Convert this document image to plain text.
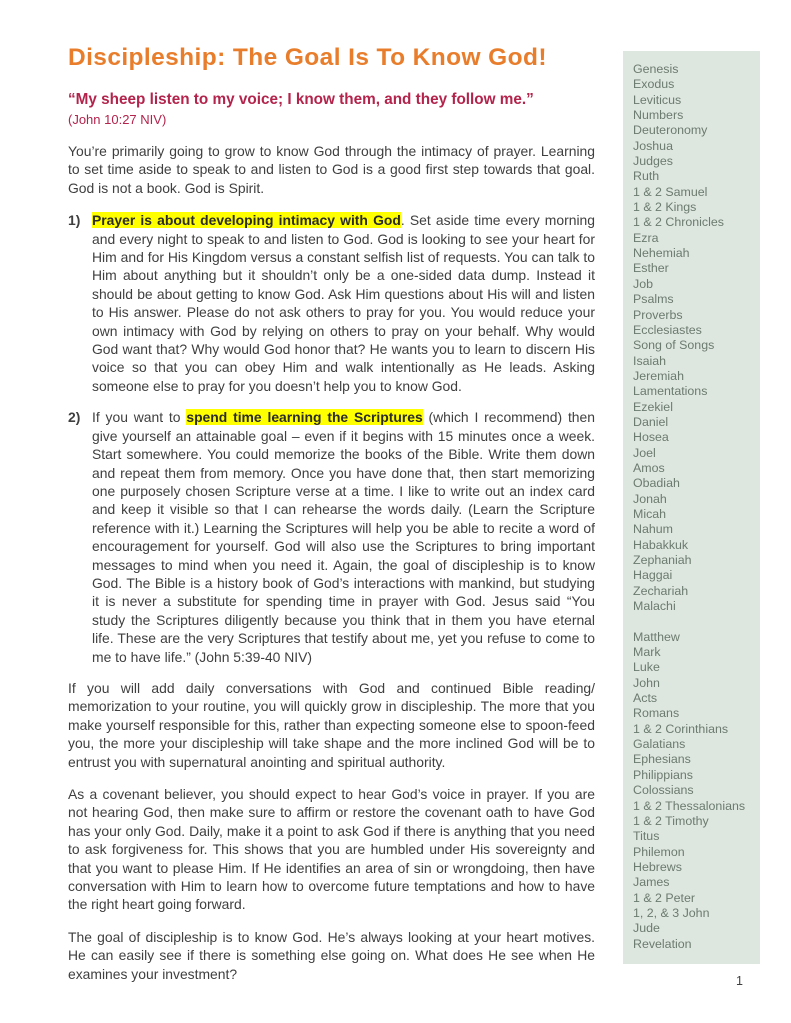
Discipleship: The Goal Is To Know God!
“My sheep listen to my voice; I know them, and they follow me.”
(John 10:27 NIV)

You’re primarily going to grow to know God through the intimacy of prayer. Learning to set time aside to speak to and listen to God is a good first step towards that goal. God is not a book. God is Spirit.

1) Prayer is about developing intimacy with God. Set aside time every morning and every night to speak to and listen to God. God is looking to see your heart for Him and for His Kingdom versus a constant selfish list of requests. You can talk to Him about anything but it shouldn’t only be a one-sided data dump. Instead it should be about getting to know God. Ask Him questions about His will and listen to His answer. Please do not ask others to pray for you. You would reduce your own intimacy with God by relying on others to pray on your behalf. Why would God want that? Why would God honor that? He wants you to learn to discern His voice so that you can obey Him and walk intentionally as He leads. Asking someone else to pray for you doesn’t help you to know God.
2) If you want to spend time learning the Scriptures (which I recommend) then give yourself an attainable goal – even if it begins with 15 minutes once a week. Start somewhere. You could memorize the books of the Bible. Write them down and repeat them from memory. Once you have done that, then start memorizing one purposely chosen Scripture verse at a time. I like to write out an index card and keep it visible so that I can rehearse the words daily. (Learn the Scripture reference with it.) Learning the Scriptures will help you be able to recite a word of encouragement for yourself. God will also use the Scriptures to bring important messages to mind when you need it. Again, the goal of discipleship is to know God. The Bible is a history book of God’s interactions with mankind, but studying it is never a substitute for spending time in prayer with God. Jesus said “You study the Scriptures diligently because you think that in them you have eternal life. These are the very Scriptures that testify about me, yet you refuse to come to me to have life.” (John 5:39-40 NIV)

If you will add daily conversations with God and continued Bible reading/ memorization to your routine, you will quickly grow in discipleship. The more that you make yourself responsible for this, rather than expecting someone else to spoon-feed you, the more your discipleship will take shape and the more inclined God will be to entrust you with supernatural anointing and spiritual authority.

As a covenant believer, you should expect to hear God’s voice in prayer. If you are not hearing God, then make sure to affirm or restore the covenant oath to have God has your only God. Daily, make it a point to ask God if there is anything that you need to ask forgiveness for. This shows that you are humbled under His sovereignty and that you want to please Him. If He identifies an area of sin or wrongdoing, then have conversation with Him to learn how to overcome future temptations and how to have the right heart going forward.

The goal of discipleship is to know God. He’s always looking at your heart motives. He can easily see if there is something else going on. What does He see when He examines your investment?

Genesis
Exodus
Leviticus
Numbers
Deuteronomy
Joshua
Judges
Ruth
1 & 2 Samuel
1 & 2 Kings
1 & 2 Chronicles
Ezra
Nehemiah
Esther
Job
Psalms
Proverbs
Ecclesiastes
Song of Songs
Isaiah
Jeremiah
Lamentations
Ezekiel
Daniel
Hosea
Joel
Amos
Obadiah
Jonah
Micah
Nahum
Habakkuk
Zephaniah
Haggai
Zechariah
Malachi
Matthew
Mark
Luke
John
Acts
Romans
1 & 2 Corinthians
Galatians
Ephesians
Philippians
Colossians
1 & 2 Thessalonians
1 & 2 Timothy
Titus
Philemon
Hebrews
James
1 & 2 Peter
1, 2, & 3 John
Jude
Revelation
1
